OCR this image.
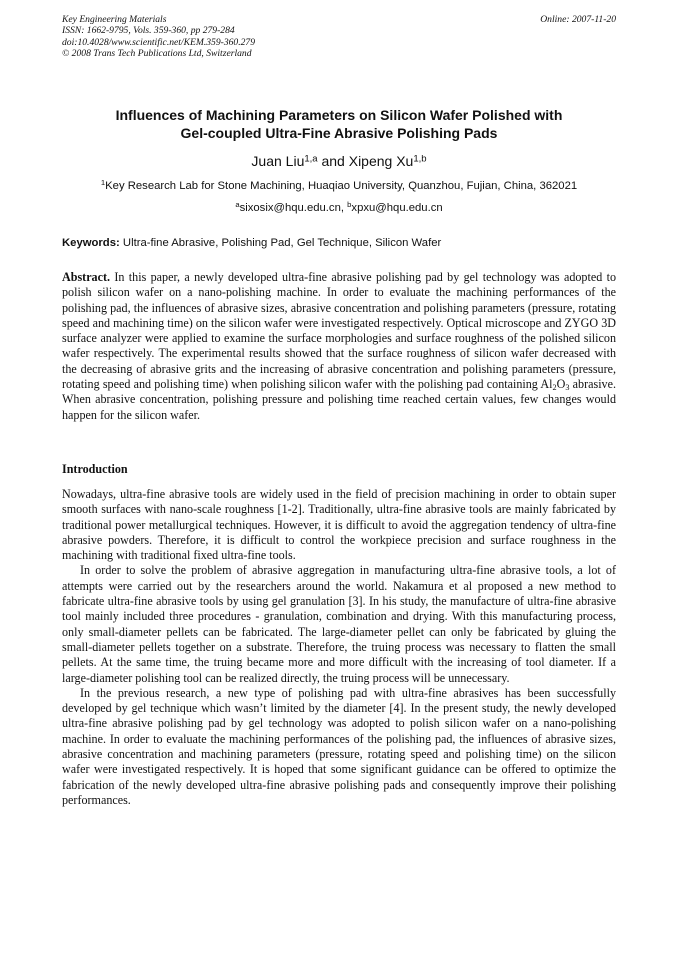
Key Engineering Materials
ISSN: 1662-9795, Vols. 359-360, pp 279-284
doi:10.4028/www.scientific.net/KEM.359-360.279
© 2008 Trans Tech Publications Ltd, Switzerland
Online: 2007-11-20
Influences of Machining Parameters on Silicon Wafer Polished with
Gel-coupled Ultra-Fine Abrasive Polishing Pads
Juan Liu$^{1,a}$ and Xipeng Xu$^{1,b}$
$^1$Key Research Lab for Stone Machining, Huaqiao University, Quanzhou, Fujian, China, 362021
$^a$sixosix@hqu.edu.cn, $^b$xpxu@hqu.edu.cn
Keywords: Ultra-fine Abrasive, Polishing Pad, Gel Technique, Silicon Wafer
Abstract. In this paper, a newly developed ultra-fine abrasive polishing pad by gel technology was adopted to polish silicon wafer on a nano-polishing machine. In order to evaluate the machining performances of the polishing pad, the influences of abrasive sizes, abrasive concentration and polishing parameters (pressure, rotating speed and machining time) on the silicon wafer were investigated respectively. Optical microscope and ZYGO 3D surface analyzer were applied to examine the surface morphologies and surface roughness of the polished silicon wafer respectively. The experimental results showed that the surface roughness of silicon wafer decreased with the decreasing of abrasive grits and the increasing of abrasive concentration and polishing parameters (pressure, rotating speed and polishing time) when polishing silicon wafer with the polishing pad containing $Al_2O_3$ abrasive. When abrasive concentration, polishing pressure and polishing time reached certain values, few changes would happen for the silicon wafer.
Introduction

Nowadays, ultra-fine abrasive tools are widely used in the field of precision machining in order to obtain super smooth surfaces with nano-scale roughness [1-2]. Traditionally, ultra-fine abrasive tools are mainly fabricated by traditional power metallurgical techniques. However, it is difficult to avoid the aggregation tendency of ultra-fine abrasive powders. Therefore, it is difficult to control the workpiece precision and surface roughness in the machining with traditional fixed ultra-fine tools.

In order to solve the problem of abrasive aggregation in manufacturing ultra-fine abrasive tools, a lot of attempts were carried out by the researchers around the world. Nakamura et al proposed a new method to fabricate ultra-fine abrasive tools by using gel granulation [3]. In his study, the manufacture of ultra-fine abrasive tool mainly included three procedures - granulation, combination and drying. With this manufacturing process, only small-diameter pellets can be fabricated. The large-diameter pellet can only be fabricated by gluing the small-diameter pellets together on a substrate. Therefore, the truing process was necessary to flatten the small pellets. At the same time, the truing became more and more difficult with the increasing of tool diameter. If a large-diameter polishing tool can be realized directly, the truing process will be unnecessary.

In the previous research, a new type of polishing pad with ultra-fine abrasives has been successfully developed by gel technique which wasn’t limited by the diameter [4]. In the present study, the newly developed ultra-fine abrasive polishing pad by gel technology was adopted to polish silicon wafer on a nano-polishing machine. In order to evaluate the machining performances of the polishing pad, the influences of abrasive sizes, abrasive concentration and machining parameters (pressure, rotating speed and polishing time) on the silicon wafer were investigated respectively. It is hoped that some significant guidance can be offered to optimize the fabrication of the newly developed ultra-fine abrasive polishing pads and consequently improve their polishing performances.
